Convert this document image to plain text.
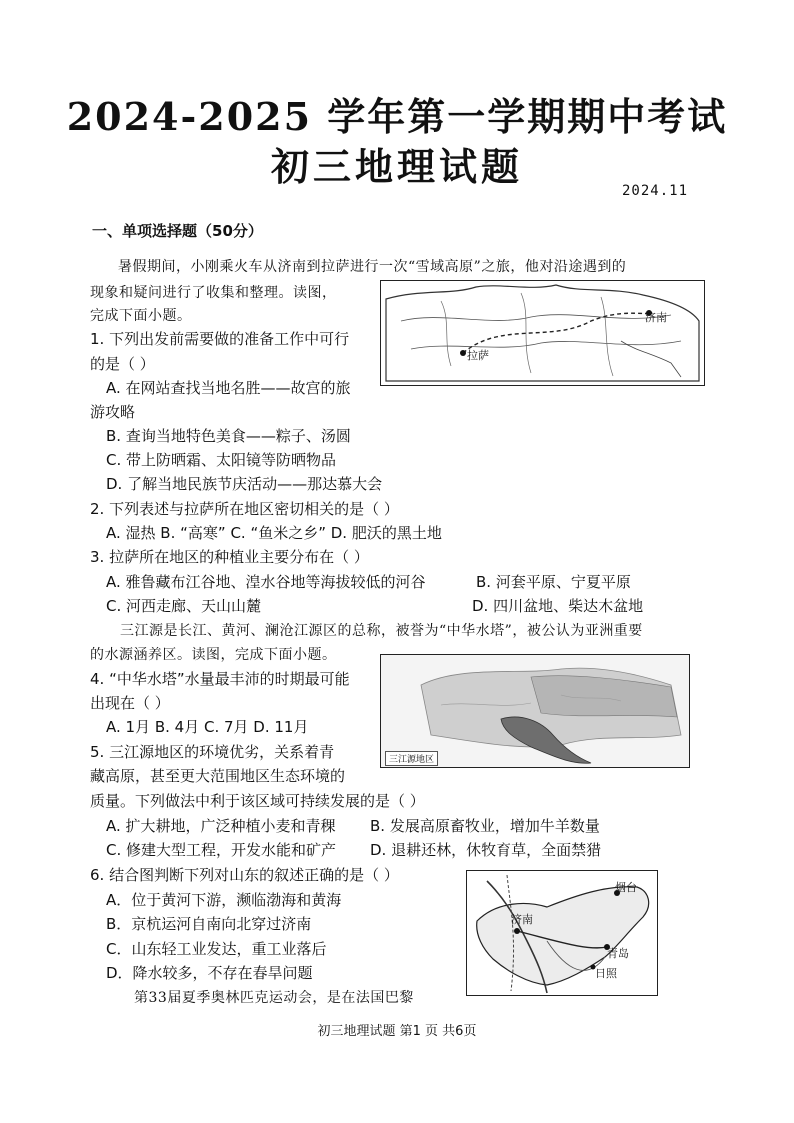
2024-2025 学年第一学期期中考试
初三地理试题
2024.11
一、单项选择题（50分）
暑假期间，小刚乘火车从济南到拉萨进行一次“雪域高原”之旅，他对沿途遇到的
现象和疑问进行了收集和整理。读图，
完成下面小题。	济南
拉萨
1. 下列出发前需要做的准备工作中可行
的是（ ）
A. 在网站查找当地名胜——故宫的旅
游攻略
B. 查询当地特色美食——粽子、汤圆
C. 带上防晒霜、太阳镜等防晒物品
D. 了解当地民族节庆活动——那达慕大会
2. 下列表述与拉萨所在地区密切相关的是（ ）
A. 湿热 B. “高寒” C. “鱼米之乡” D. 肥沃的黑土地
3. 拉萨所在地区的种植业主要分布在（ ）
A. 雅鲁藏布江谷地、湟水谷地等海拔较低的河谷	B. 河套平原、宁夏平原
C. 河西走廊、天山山麓	D. 四川盆地、柴达木盆地
三江源是长江、黄河、澜沧江源区的总称，被誉为“中华水塔”，被公认为亚洲重要
的水源涵养区。读图，完成下面小题。
三江源地区
4. “中华水塔”水量最丰沛的时期最可能
出现在（ ）
A. 1月 B. 4月 C. 7月 D. 11月
5. 三江源地区的环境优劣，关系着青
藏高原，甚至更大范围地区生态环境的
质量。下列做法中利于该区域可持续发展的是（ ）
A. 扩大耕地，广泛种植小麦和青稞 B. 发展高原畜牧业，增加牛羊数量
C. 修建大型工程，开发水能和矿产 D. 退耕还林，休牧育草，全面禁猎
烟台
济南
青岛
日照
6. 结合图判断下列对山东的叙述正确的是（ ）
A．位于黄河下游，濒临渤海和黄海
B．京杭运河自南向北穿过济南
C．山东轻工业发达，重工业落后
D．降水较多，不存在春旱问题
第33届夏季奥林匹克运动会，是在法国巴黎
初三地理试题 第1 页 共6页
